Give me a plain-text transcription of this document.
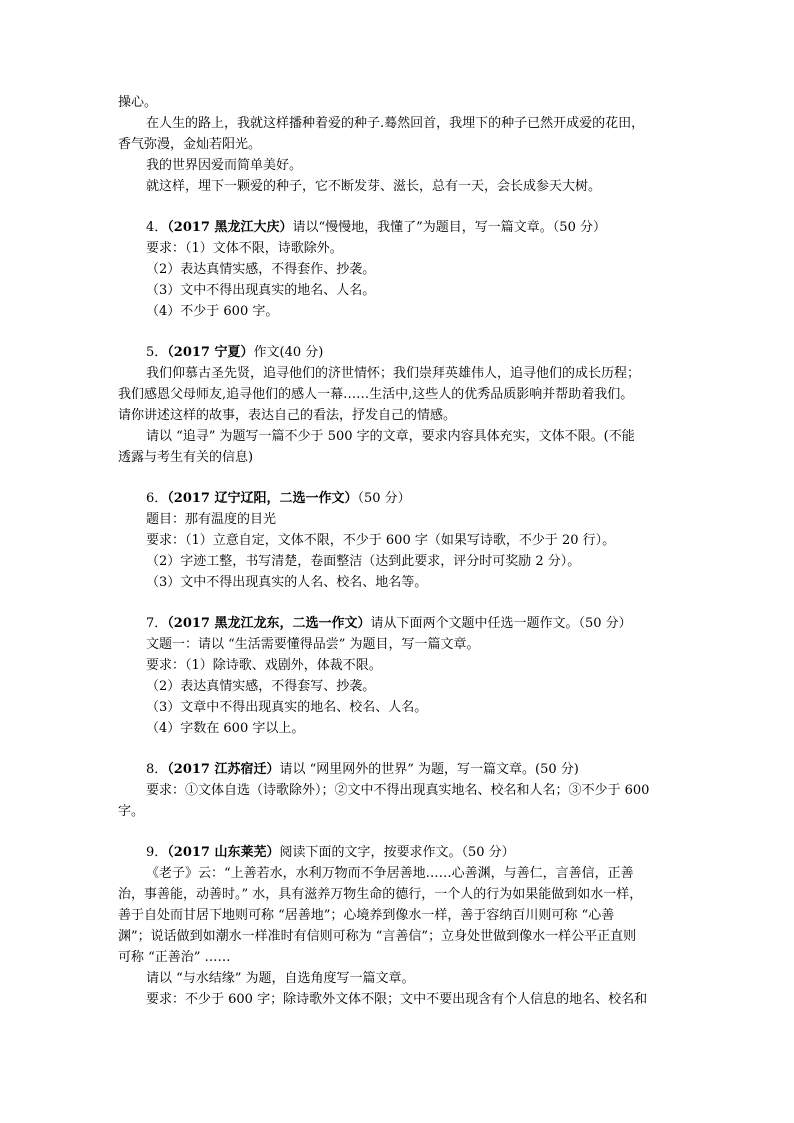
操心。
在人生的路上，我就这样播种着爱的种子.蓦然回首，我埋下的种子已然开成爱的花田，
香气弥漫，金灿若阳光。
我的世界因爱而简单美好。
就这样，埋下一颗爱的种子，它不断发芽、滋长，总有一天，会长成参天大树。
4．（2017 黑龙江大庆）请以“慢慢地，我懂了”为题目，写一篇文章。（50 分）
要求：（1）文体不限，诗歌除外。
（2）表达真情实感，不得套作、抄袭。
（3）文中不得出现真实的地名、人名。
（4）不少于 600 字。
5．（2017 宁夏）作文(40 分)
我们仰慕古圣先贤，追寻他们的济世情怀；我们崇拜英雄伟人，追寻他们的成长历程；
我们感恩父母师友,追寻他们的感人一幕……生活中,这些人的优秀品质影响并帮助着我们。
请你讲述这样的故事，表达自己的看法，抒发自己的情感。
请以 “追寻” 为题写一篇不少于 500 字的文章，要求内容具体充实，文体不限。(不能
透露与考生有关的信息)
6．（2017 辽宁辽阳，二选一作文）（50 分）
题目：那有温度的目光
要求：（1）立意自定，文体不限，不少于 600 字（如果写诗歌，不少于 20 行）。
（2）字迹工整，书写清楚，卷面整洁（达到此要求，评分时可奖励 2 分）。
（3）文中不得出现真实的人名、校名、地名等。
7．（2017 黑龙江龙东，二选一作文）请从下面两个文题中任选一题作文。（50 分）
文题一：请以 “生活需要懂得品尝” 为题目，写一篇文章。
要求：（1）除诗歌、戏剧外，体裁不限。
（2）表达真情实感，不得套写、抄袭。
（3）文章中不得出现真实的地名、校名、人名。
（4）字数在 600 字以上。
8．（2017 江苏宿迁）请以 “网里网外的世界” 为题，写一篇文章。(50 分)
要求：①文体自选（诗歌除外）；②文中不得出现真实地名、校名和人名；③不少于 600
字。
9．（2017 山东莱芜）阅读下面的文字，按要求作文。（50 分）
《老子》云：“上善若水，水利万物而不争居善地……心善渊，与善仁，言善信，正善
治，事善能，动善时。” 水，具有滋养万物生命的德行，一个人的行为如果能做到如水一样，
善于自处而甘居下地则可称 “居善地”；心境养到像水一样，善于容纳百川则可称 “心善
渊”；说话做到如潮水一样准时有信则可称为 “言善信”；立身处世做到像水一样公平正直则
可称 “正善治” ……
请以 “与水结缘” 为题，自选角度写一篇文章。
要求：不少于 600 字；除诗歌外文体不限；文中不要出现含有个人信息的地名、校名和
